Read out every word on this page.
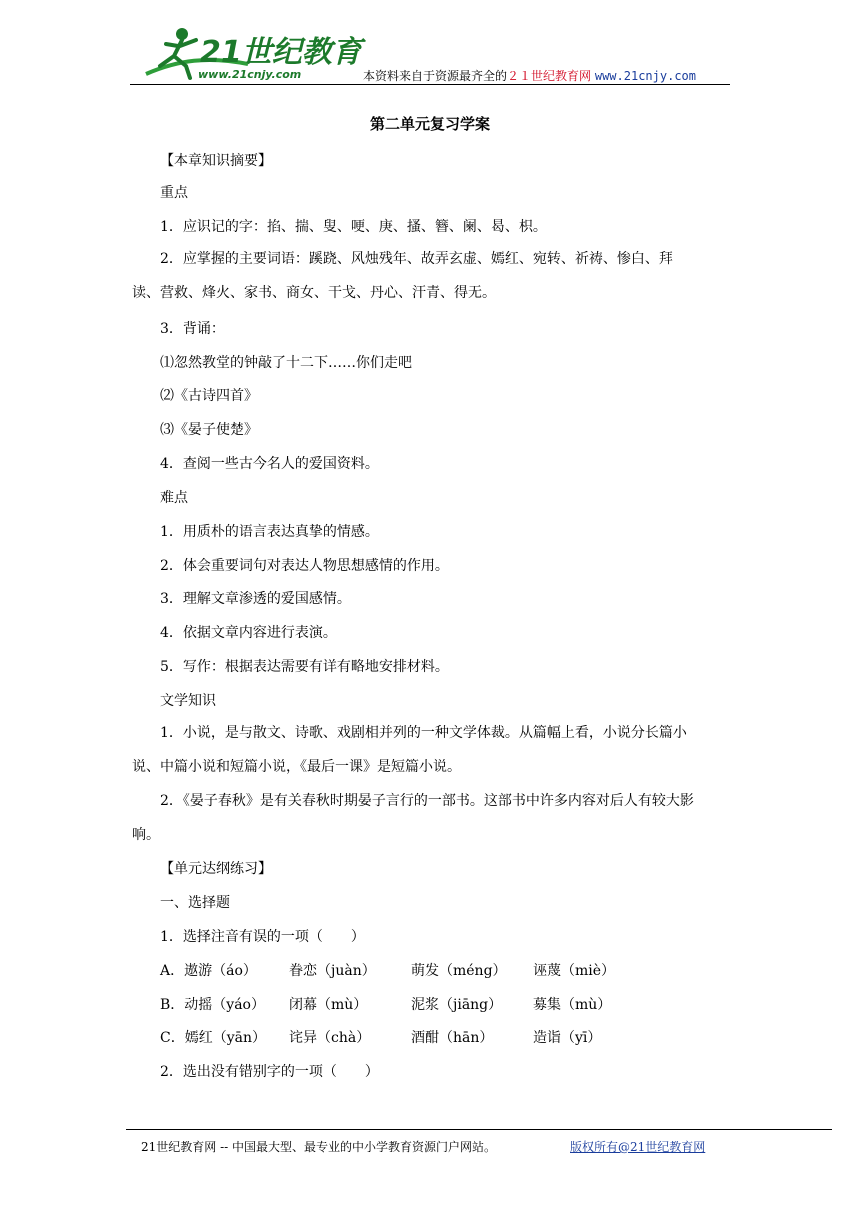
21世纪教育
www.21cnjy.com	本资料来自于资源最齐全的２１世纪教育网 www.21cnjy.com
第二单元复习学案
【本章知识摘要】
重点
1．应识记的字：掐、揣、叟、哽、庚、搔、簪、阑、曷、枳。
2．应掌握的主要词语：蹊跷、风烛残年、故弄玄虚、嫣红、宛转、祈祷、惨白、拜读、营救、烽火、家书、商女、干戈、丹心、汗青、得无。
3．背诵：
⑴忽然教堂的钟敲了十二下……你们走吧
⑵《古诗四首》
⑶《晏子使楚》
4．查阅一些古今名人的爱国资料。
难点
1．用质朴的语言表达真挚的情感。
2．体会重要词句对表达人物思想感情的作用。
3．理解文章渗透的爱国感情。
4．依据文章内容进行表演。
5．写作：根据表达需要有详有略地安排材料。
文学知识
1．小说，是与散文、诗歌、戏剧相并列的一种文学体裁。从篇幅上看，小说分长篇小说、中篇小说和短篇小说，《最后一课》是短篇小说。
2．《晏子春秋》是有关春秋时期晏子言行的一部书。这部书中许多内容对后人有较大影响。
【单元达纲练习】
一、选择题
1．选择注音有误的一项（　　）
A．遨游（áo） 眷恋（juàn）	萌发（méng） 诬蔑（miè）
B．动摇（yáo） 闭幕（mù）	泥浆（jiāng） 募集（mù）
C．嫣红（yān） 诧异（chà）	酒酣（hān）	造诣（yī）
2．选出没有错别字的一项（　　）
21世纪教育网 -- 中国最大型、最专业的中小学教育资源门户网站。	版权所有@21世纪教育网
